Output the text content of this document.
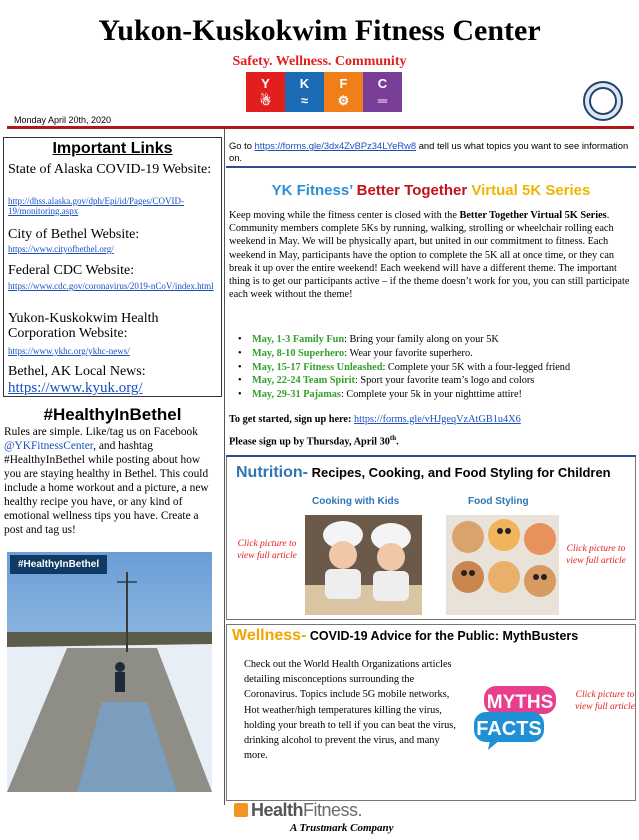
Yukon-Kuskokwim Fitness Center
Safety. Wellness. Community
Y
☃
K
≈
F
⚙
C
═
Monday April 20th, 2020
Important Links
State of Alaska COVID-19 Website:
http://dhss.alaska.gov/dph/Epi/id/Pages/COVID-19/monitoring.aspx
City of Bethel Website:
https://www.cityofbethel.org/
Federal CDC Website:
https://www.cdc.gov/coronavirus/2019-nCoV/index.html
Yukon-Kuskokwim Health Corporation Website:
https://www.ykhc.org/ykhc-news/
Bethel, AK Local News:
https://www.kyuk.org/
#HealthyInBethel
Rules are simple. Like/tag us on Facebook @YKFitnessCenter, and hashtag #HealthyInBethel while posting about how you are staying healthy in Bethel. This could include a home workout and a picture, a new healthy recipe you have, or any kind of emotional wellness tips you have. Create a post and tag us!
#HealthyInBethel
HealthFitness.
A Trustmark Company
Go to https://forms.gle/3dx4ZvBPz34LYeRw8 and tell us what topics you want to see information on.
YK Fitness’ Better Together Virtual 5K Series
Keep moving while the fitness center is closed with the Better Together Virtual 5K Series. Community members complete 5Ks by running, walking, strolling or wheelchair rolling each weekend in May. We will be physically apart, but united in our commitment to fitness. Each weekend in May, participants have the option to complete the 5K all at once time, or they can break it up over the entire weekend! Each weekend will have a different theme. The important thing is to get our participants active – if the theme doesn’t work for you, you can still participate each week without the theme!
•	May, 1-3 Family Fun: Bring your family along on your 5K
•	May, 8-10 Superhero: Wear your favorite superhero.
•	May, 15-17 Fitness Unleashed: Complete your 5K with a four-legged friend
•	May, 22-24 Team Spirit: Sport your favorite team’s logo and colors
•	May, 29-31 Pajamas: Complete your 5k in your nighttime attire!
To get started, sign up here: https://forms.gle/vHJgeqVzAtGB1u4X6
Please sign up by Thursday, April 30th.
Nutrition- Recipes, Cooking, and Food Styling for Children
Cooking with Kids	Food Styling
Click picture to view full article
Click picture to view full article
Wellness- COVID-19 Advice for the Public: MythBusters
Check out the World Health Organizations articles detailing misconceptions surrounding the Coronavirus. Topics include 5G mobile networks, Hot weather/high temperatures killing the virus, holding your breath to tell if you can beat the virus, drinking alcohol to prevent the virus, and many more.
MYTHS
FACTS
Click picture to view full article
